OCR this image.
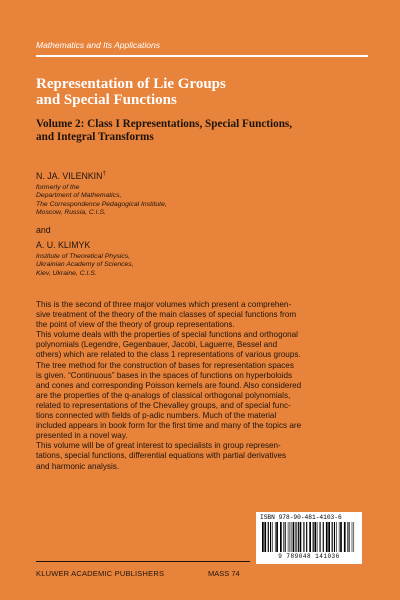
Mathematics and Its Applications
Representation of Lie Groups
and Special Functions
Volume 2: Class I Representations, Special Functions,
and Integral Transforms
N. JA. VILENKIN†
formerly of the
Department of Mathematics,
The Correspondence Pedagogical Institute,
Moscow, Russia, C.I.S.
and
A. U. KLIMYK
Institute of Theoretical Physics,
Ukrainian Academy of Sciences,
Kiev, Ukraine, C.I.S.
This is the second of three major volumes which present a comprehen-
sive treatment of the theory of the main classes of special functions from
the point of view of the theory of group representations.
This volume deals with the properties of special functions and orthogonal
polynomials (Legendre, Gegenbauer, Jacobi, Laguerre, Bessel and
others) which are related to the class 1 representations of various groups.
The tree method for the construction of bases for representation spaces
is given. “Continuous” bases in the spaces of functions on hyperboloids
and cones and corresponding Poisson kernels are found. Also considered
are the properties of the q-analogs of classical orthogonal polynomials,
related to representations of the Chevalley groups, and of special func-
tions connected with fields of p-adic numbers. Much of the material
included appears in book form for the first time and many of the topics are
presented in a novel way.
This volume will be of great interest to specialists in group represen-
tations, special functions, differential equations with partial derivatives
and harmonic analysis.
ISBN 978-90-481-4103-6
9 789048 141036
KLUWER ACADEMIC PUBLISHERS	MASS 74
